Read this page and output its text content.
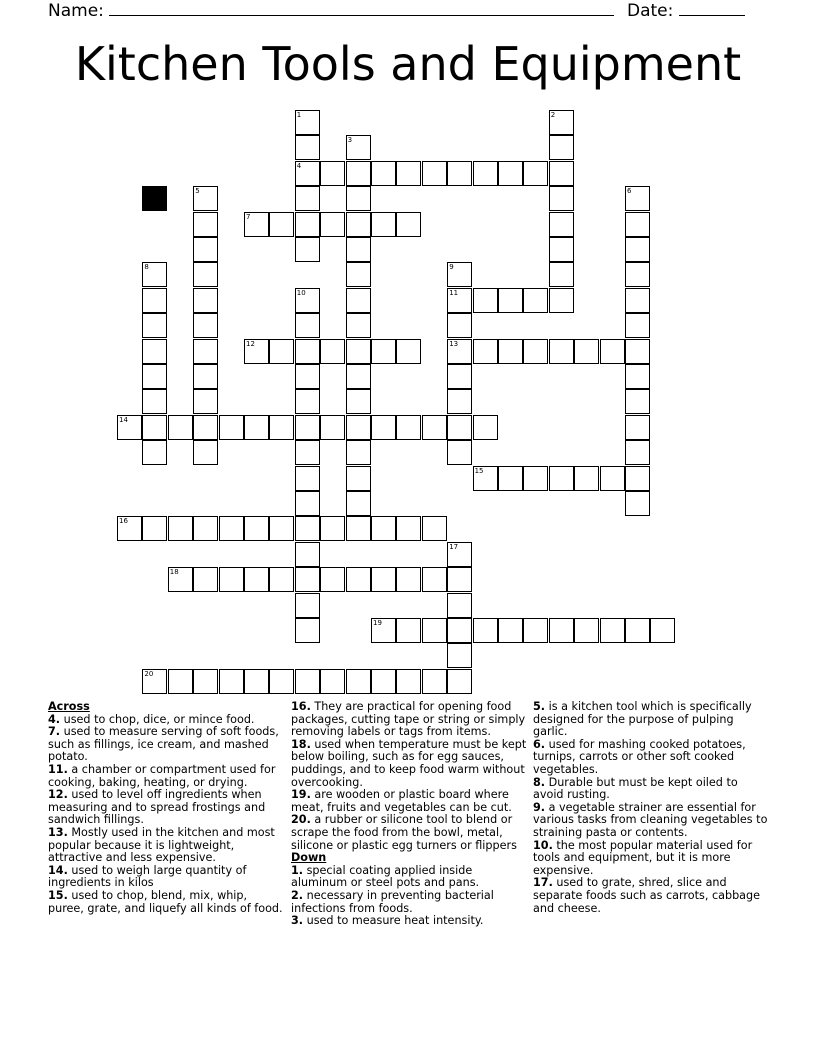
Name:	Date:
Kitchen Tools and Equipment
1	2
3
4
5	6
7
8	9
10	11
12	13
14
15
16
17
18
19
20

Across

4. used to chop, dice, or mince food.

7. used to measure serving of soft foods, such as fillings, ice cream, and mashed potato.

11. a chamber or compartment used for cooking, baking, heating, or drying.

12. used to level off ingredients when measuring and to spread frostings and sandwich fillings.

13. Mostly used in the kitchen and most popular because it is lightweight, attractive and less expensive.

14. used to weigh large quantity of ingredients in kilos

15. used to chop, blend, mix, whip, puree, grate, and liquefy all kinds of food.

16. They are practical for opening food packages, cutting tape or string or simply removing labels or tags from items.

18. used when temperature must be kept below boiling, such as for egg sauces, puddings, and to keep food warm without overcooking.

19. are wooden or plastic board where meat, fruits and vegetables can be cut.

20. a rubber or silicone tool to blend or scrape the food from the bowl, metal, silicone or plastic egg turners or flippers

Down

1. special coating applied inside aluminum or steel pots and pans.

2. necessary in preventing bacterial infections from foods.

3. used to measure heat intensity.

5. is a kitchen tool which is specifically designed for the purpose of pulping garlic.

6. used for mashing cooked potatoes, turnips, carrots or other soft cooked vegetables.

8. Durable but must be kept oiled to avoid rusting.

9. a vegetable strainer are essential for various tasks from cleaning vegetables to straining pasta or contents.

10. the most popular material used for tools and equipment, but it is more expensive.

17. used to grate, shred, slice and separate foods such as carrots, cabbage and cheese.
